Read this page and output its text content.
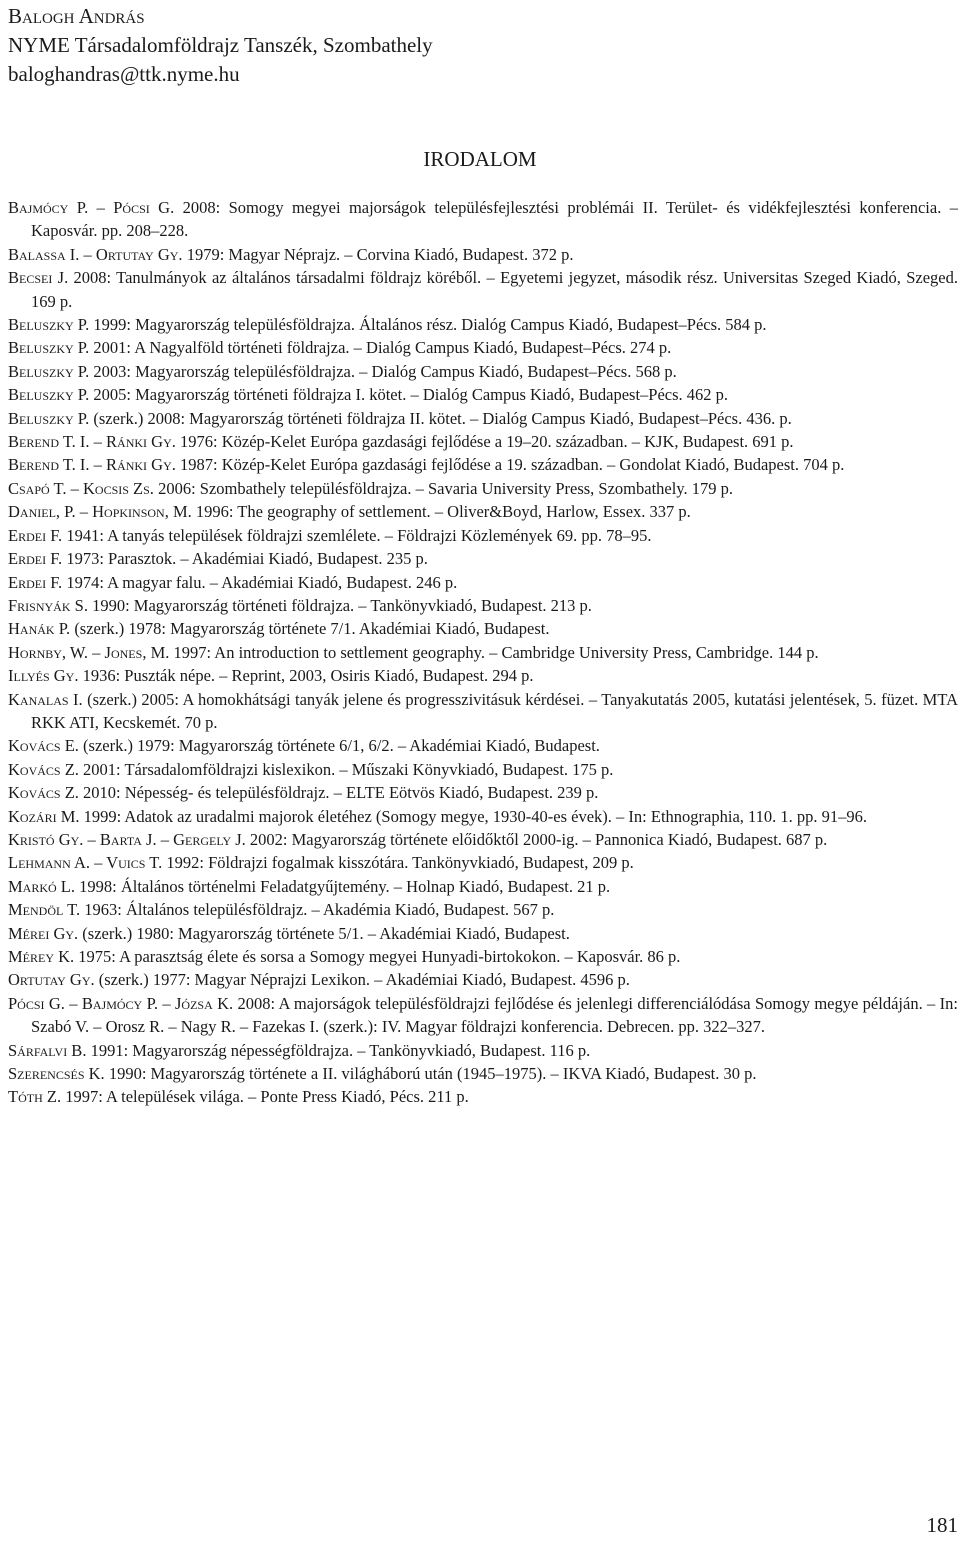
Balogh András
NYME Társadalomföldrajz Tanszék, Szombathely
baloghandras@ttk.nyme.hu
IRODALOM
Bajmócy P. – Pócsi G. 2008: Somogy megyei majorságok településfejlesztési problémái II. Terület- és vidékfejlesztési konferencia. – Kaposvár. pp. 208–228.
Balassa I. – Ortutay Gy. 1979: Magyar Néprajz. – Corvina Kiadó, Budapest. 372 p.
Becsei J. 2008: Tanulmányok az általános társadalmi földrajz köréből. – Egyetemi jegyzet, második rész. Universitas Szeged Kiadó, Szeged. 169 p.
Beluszky P. 1999: Magyarország településföldrajza. Általános rész. Dialóg Campus Kiadó, Budapest–Pécs. 584 p.
Beluszky P. 2001: A Nagyalföld történeti földrajza. – Dialóg Campus Kiadó, Budapest–Pécs. 274 p.
Beluszky P. 2003: Magyarország településföldrajza. – Dialóg Campus Kiadó, Budapest–Pécs. 568 p.
Beluszky P. 2005: Magyarország történeti földrajza I. kötet. – Dialóg Campus Kiadó, Budapest–Pécs. 462 p.
Beluszky P. (szerk.) 2008: Magyarország történeti földrajza II. kötet. – Dialóg Campus Kiadó, Budapest–Pécs. 436. p.
Berend T. I. – Ránki Gy. 1976: Közép-Kelet Európa gazdasági fejlődése a 19–20. században. – KJK, Budapest. 691 p.
Berend T. I. – Ránki Gy. 1987: Közép-Kelet Európa gazdasági fejlődése a 19. században. – Gondolat Kiadó, Budapest. 704 p.
Csapó T. – Kocsis Zs. 2006: Szombathely településföldrajza. – Savaria University Press, Szombathely. 179 p.
Daniel, P. – Hopkinson, M. 1996: The geography of settlement. – Oliver&Boyd, Harlow, Essex. 337 p.
Erdei F. 1941: A tanyás települések földrajzi szemlélete. – Földrajzi Közlemények 69. pp. 78–95.
Erdei F. 1973: Parasztok. – Akadémiai Kiadó, Budapest. 235 p.
Erdei F. 1974: A magyar falu. – Akadémiai Kiadó, Budapest. 246 p.
Frisnyák S. 1990: Magyarország történeti földrajza. – Tankönyvkiadó, Budapest. 213 p.
Hanák P. (szerk.) 1978: Magyarország története 7/1. Akadémiai Kiadó, Budapest.
Hornby, W. – Jones, M. 1997: An introduction to settlement geography. – Cambridge University Press, Cambridge. 144 p.
Illyés Gy. 1936: Puszták népe. – Reprint, 2003, Osiris Kiadó, Budapest. 294 p.
Kanalas I. (szerk.) 2005: A homokhátsági tanyák jelene és progresszivitásuk kérdései. – Tanyakutatás 2005, kutatási jelentések, 5. füzet. MTA RKK ATI, Kecskemét. 70 p.
Kovács E. (szerk.) 1979: Magyarország története 6/1, 6/2. – Akadémiai Kiadó, Budapest.
Kovács Z. 2001: Társadalomföldrajzi kislexikon. – Műszaki Könyvkiadó, Budapest. 175 p.
Kovács Z. 2010: Népesség- és településföldrajz. – ELTE Eötvös Kiadó, Budapest. 239 p.
Kozári M. 1999: Adatok az uradalmi majorok életéhez (Somogy megye, 1930-40-es évek). – In: Ethnographia, 110. 1. pp. 91–96.
Kristó Gy. – Barta J. – Gergely J. 2002: Magyarország története előidőktől 2000-ig. – Pannonica Kiadó, Budapest. 687 p.
Lehmann A. – Vuics T. 1992: Földrajzi fogalmak kisszótára. Tankönyvkiadó, Budapest, 209 p.
Markó L. 1998: Általános történelmi Feladatgyűjtemény. – Holnap Kiadó, Budapest. 21 p.
Mendöl T. 1963: Általános településföldrajz. – Akadémia Kiadó, Budapest. 567 p.
Mérei Gy. (szerk.) 1980: Magyarország története 5/1. – Akadémiai Kiadó, Budapest.
Mérey K. 1975: A parasztság élete és sorsa a Somogy megyei Hunyadi-birtokokon. – Kaposvár. 86 p.
Ortutay Gy. (szerk.) 1977: Magyar Néprajzi Lexikon. – Akadémiai Kiadó, Budapest. 4596 p.
Pócsi G. – Bajmócy P. – Józsa K. 2008: A majorságok településföldrajzi fejlődése és jelenlegi differenciálódása Somogy megye példáján. – In: Szabó V. – Orosz R. – Nagy R. – Fazekas I. (szerk.): IV. Magyar földrajzi konferencia. Debrecen. pp. 322–327.
Sárfalvi B. 1991: Magyarország népességföldrajza. – Tankönyvkiadó, Budapest. 116 p.
Szerencsés K. 1990: Magyarország története a II. világháború után (1945–1975). – IKVA Kiadó, Budapest. 30 p.
Tóth Z. 1997: A települések világa. – Ponte Press Kiadó, Pécs. 211 p.
181
